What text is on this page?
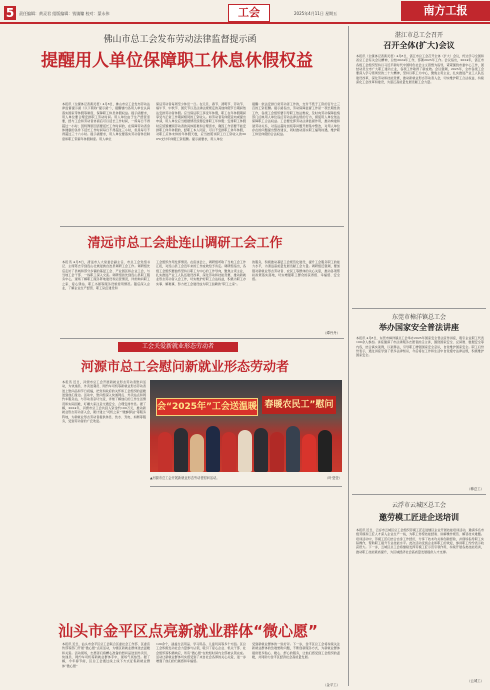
5	责任编辑：黄灵君 组版编辑：钱镇镛 校对：蒙永伟	工会	2025年4月11日 星期五	南方工报
佛山市总工会发布劳动法律监督提示函
提醒用人单位保障职工休息休假权益
本报讯（全媒体记者黄灵君）4月8日，佛山市总工会发布劳动法律监督提示函（以下简称“提示函”），提醒辖内各用人单位认真落实国家带休假等制度，保障职工休息休假权益。提示函要求，用人单位要合理安排职工劳动时间。用人单位由于生产经营需要，经与工会和劳动者协商后可以延长工作时间，一般每日不得超过一小时；因特殊原因需要延长工作时间的，在保障劳动者身体健康的条件下延长工作时间每日不得超过三小时，但是每月不得超过三十六小时。提示函要求，用人单位要落实劳动者休息制度和职工带薪年休假制度。用人单位
保证劳动者每周至少休息一日。在元旦、春节、清明节、劳动节、端午节、中秋节、国庆节以及法律法规规定的其他休假节日期间依法安排劳动者休假。应当保证职工享受年休假，职工在年休假期间享受与正常工作期间相同的工资收入。如劳动者有休假意向或提出申请，用人单位应当根据情况统筹安排职工年休假；安排职工休假时应统筹兼顾劳动者的具体困难和合理需求，确因工作需要不能安排职工休年休假的，经职工本人同意，可以不安排职工休年休假，对职工应休未休的年休假天数，应当按照该职工日工资收入的300%支付年休假工资报酬。提示函要求，用人单位
提醒：依法安排日常劳动者工作的，支付不低于工资的百分之三百的工资报酬。提示函指出，劳动保障监督工作是一项长期性的工作，各级工会组织要引导职工依法维权，及时向劳动保障监察部门反映用人单位违反劳动法律法规的行为，督促用人单位依法保障职工合法权益。工会要发挥劳动法律监督作用，推动构建和谐劳动关系，对违法超时加班等问题开展集中整治，对用人单位存在的问题提出整改建议，同时推动落实职工福利待遇，维护职工休息休假的合法权益。
清远市总工会赴连山调研工会工作
本报讯 4月8日，清远市人大常委会副主任、市总工会党组书记、主席陈志宇到连山壮族瑶族自治县调研工会工作。调研组先后走访了县城和部分乡镇的基层工会、产业园区和企业工会，与当地工会干部、一线职工深入交流。调研组首先到连山县职工服务中心，现场了解职工服务阵地建设和运营情况，详细询问职工之家、爱心驿站、职工书屋等服务设施使用情况。随后深入企业，了解企业生产经营、职工队伍建设和
工会组织作用发挥情况。在座谈会上，调研组听取了当地工会工作汇报，对连山县工会近年来的工作成效给予肯定。调研组指出，各级工会组织要始终坚持以职工为中心的工作导向，聚焦主责主业，扎实推进产业工人队伍建设改革，深化劳动和技能竞赛，推动新就业形态劳动者入会工作，切实维护好职工合法权益，积极为职工办实事、解难事，努力把工会建设成为职工信赖的“职工之家”。
的服务，积极推动基层工会规范化建设，提升工会服务职工的能力水平，为清远高质量发展贡献工会力量。调研组还强调，要加强对新就业形态劳动者、农民工等群体的关心关爱，推动各项帮扶政策落实落地，切实增强职工群众的获得感、幸福感、安全感。
（谭丹丹）
工会关爱新就业形态劳动者
河源市总工会慰问新就业形态劳动者
本报讯 近日，河源市总工会开展新就业形态劳动者慰问活动，为快递员、外卖送餐员、网约车司机等新就业形态劳动者送上慰问品和节日祝福，把党和政府的关怀和工会组织的温暖送到他们身边。活动中，慰问组深入快递网点、外卖站点和网约车服务站，与劳动者亲切交流，详细了解他们的工作生活情况和实际困难，叮嘱大家注意交通安全、合理安排作息。据了解，2024年，河源市总工会共投入资金约100万元，推动新就业形态劳动者入会，累计建立“司机之家”“暖蜂驿站”等服务阵地，为新就业形态劳动者提供休息、饮水、充电、如厕等服务，受到劳动者的广泛欢迎。
会“2025年”工会送温暖 春暖农民工”慰问
▲河源市总工会开展新就业形态劳动者慰问活动。	（叶莹莹）
汕头市金平区点亮新就业群体“微心愿”
本报讯 近日，汕头市金平区总工会联合区委社会工作部、区委宣传部等部门开展“微心愿”点亮活动，为辖区新就业群体送去温暖和关爱。活动现场，志愿者们将精心准备的慰问品送到外卖员、快递员、网约车司机等新就业群体手中，现场气氛热烈。据了解，今年春节前，区总工会通过线上线下方式征集新就业群体“微心愿”
120余个，涵盖生活用品、学习用品、儿童玩具等多个方面。区总工会积极发动社会力量参与认领，吸引了爱心企业、机关干部、社会组织等积极响应，所有“微心愿”在较短时间内全部被认领完成。活动让新就业群体切实感受到了来自社会各界的关心关爱，进一步增强了他们的归属感和幸福感。
受到新就业群体的一致好评。下一步，金平区总工会将持续关注新就业群体的急难愁盼问题，不断创新服务方式，为新就业群体提供更多贴心、暖心、舒心的服务，让他们感受到工会组织的温暖，共同助力金平区经济社会高质量发展。
（金平工）
湛江市总工会召开
召开全体(扩大)会议
本报讯（全媒体记者黄灵君）4月8日，湛江市总工会召开全体（扩大）会议，传达学习全国和省总工会有关会议精神，总结2024年工作，部署2025年工作。会议指出，2024年，湛江市各级工会组织坚持以习近平新时代中国特色社会主义思想为指导，紧紧围绕市委中心工作，团结动员全市广大职工建功立业，各项工作取得了新成效。会议强调，2025年，全市各级工会要深入学习贯彻党的二十大精神，坚持以职工为中心，聚焦主责主业，扎实推进产业工人队伍建设改革，深化劳动和技能竞赛，推动新就业形态劳动者入会，切实维护职工合法权益，持续深化工会改革和建设，为湛江高质量发展贡献工会力量。
东莞市樟洋镇总工会
举办国家安全普法讲座
本报讯 4月8日，东莞市樟洋镇总工会举办2025年国家安全普法宣传讲座，吸引企业职工代表100余人参加。讲座邀请了市法律服务志愿者担任主讲，围绕国家安全、反间谍、数据安全等内容，结合真实案例，以案释法，引导职工增强国家安全意识，自觉维护国家安全。职工们纷纷表示，通过讲座学到了很多法律知识，今后将在工作和生活中自觉遵守法律法规，积极维护国家安全。
（樟总工）
云浮市云城区总工会
邀劳模工匠进企送培训
本报讯 近日，云浮市云城区总工会组织劳模工匠走进辖区企业开展技能培训活动，邀请多名市级劳模和工匠人才深入企业生产一线，为职工传授技能经验、讲解操作规范、解答技术难题。培训活动中，劳模工匠们结合自身工作经历，分享了技术攻关和创新经验，并现场指导职工实际操作，帮助职工提升专业技能水平。此次活动受到企业和职工的欢迎，参训职工纷纷表示收获很大。下一步，云城区总工会将继续发挥劳模工匠示范引领作用，持续开展各类技能培训，推动职工技能素质提升，为区域经济社会高质量发展提供人才支撑。
（云城工）
